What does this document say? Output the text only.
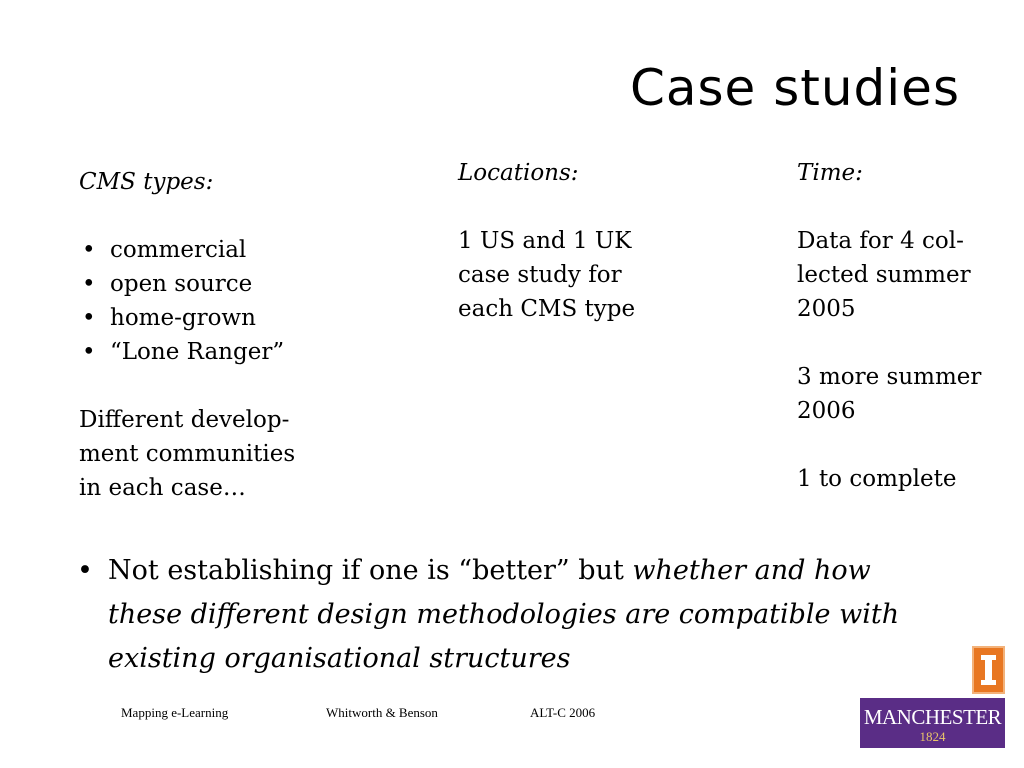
Case studies

CMS types:

• commercial
• open source
• home-grown
• “Lone Ranger”

Different develop-
ment communities
in each case…

Locations:

1 US and 1 UK
case study for
each CMS type

Time:

Data for 4 col-
lected summer
2005

3 more summer
2006

1 to complete

• Not establishing if one is “better” but whether and how these different design methodologies are compatible with existing organisational structures
Mapping e-Learning	Whitworth & Benson	ALT-C 2006	MANCHESTER
1824
